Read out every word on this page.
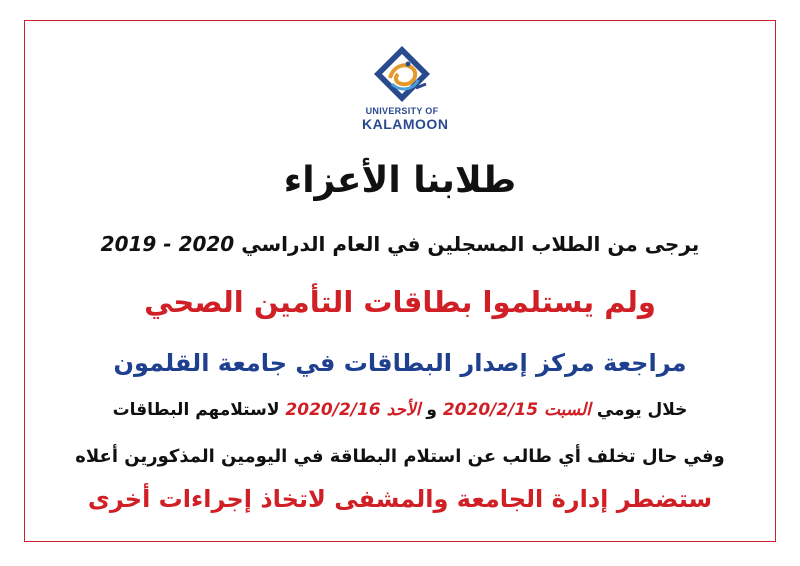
UNIVERSITY OF
KALAMOON
طلابنا الأعزاء
يرجى من الطلاب المسجلين في العام الدراسي 2019 - 2020
ولم يستلموا بطاقات التأمين الصحي
مراجعة مركز إصدار البطاقات في جامعة القلمون
خلال يومي السبت 2020/2/15 و الأحد 2020/2/16 لاستلامهم البطاقات
وفي حال تخلف أي طالب عن استلام البطاقة في اليومين المذكورين أعلاه
ستضطر إدارة الجامعة والمشفى لاتخاذ إجراءات أخرى
